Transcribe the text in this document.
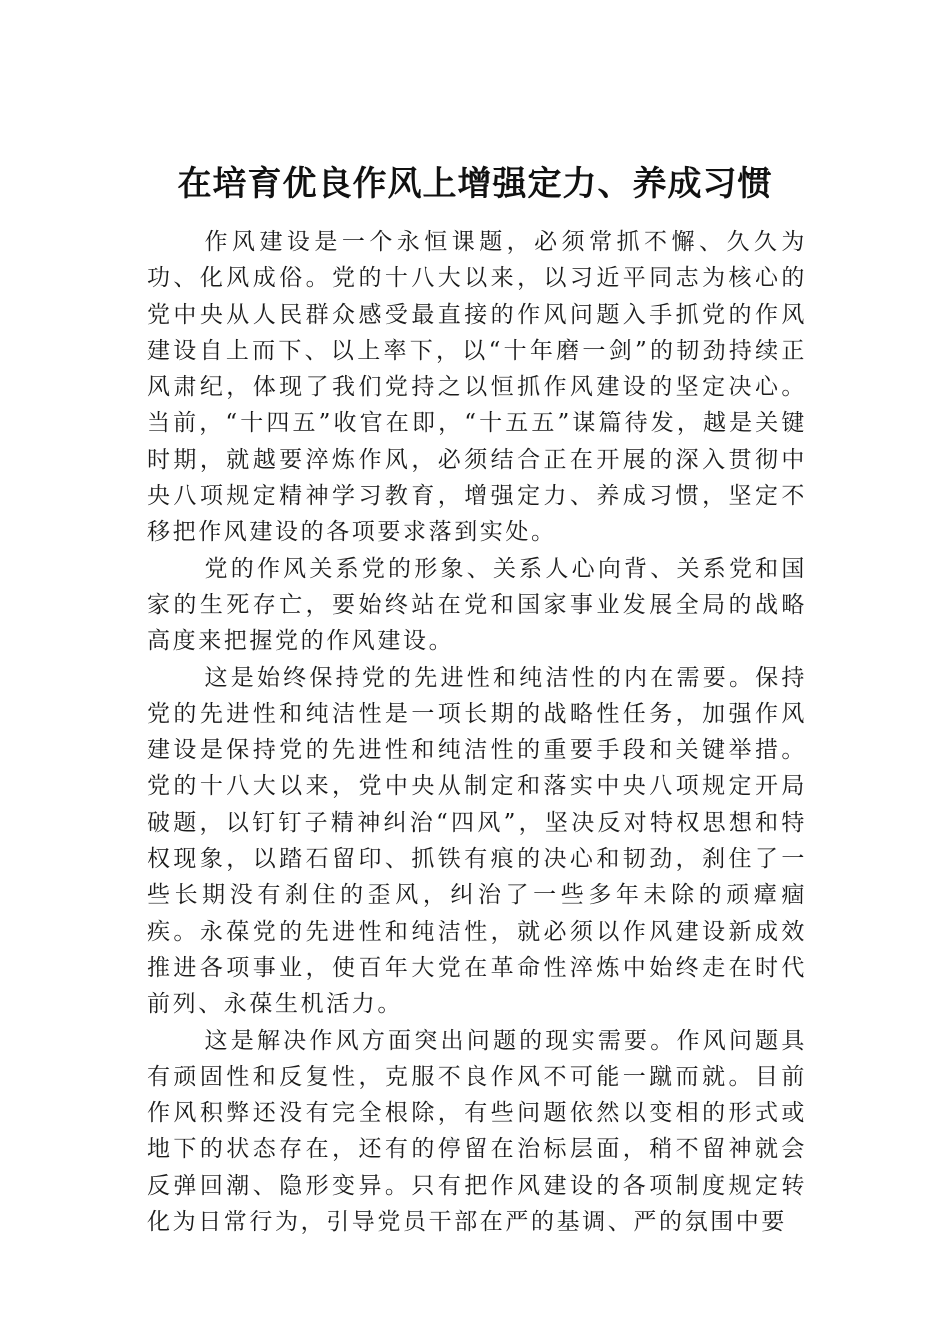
在培育优良作风上增强定力、养成习惯

作风建设是一个永恒课题，必须常抓不懈、久久为功、化风成俗。党的十八大以来，以习近平同志为核心的党中央从人民群众感受最直接的作风问题入手抓党的作风建设自上而下、以上率下，以“十年磨一剑”的韧劲持续正风肃纪，体现了我们党持之以恒抓作风建设的坚定决心。当前，“十四五”收官在即，“十五五”谋篇待发，越是关键时期，就越要淬炼作风，必须结合正在开展的深入贯彻中央八项规定精神学习教育，增强定力、养成习惯，坚定不移把作风建设的各项要求落到实处。

党的作风关系党的形象、关系人心向背、关系党和国家的生死存亡，要始终站在党和国家事业发展全局的战略高度来把握党的作风建设。

这是始终保持党的先进性和纯洁性的内在需要。保持党的先进性和纯洁性是一项长期的战略性任务，加强作风建设是保持党的先进性和纯洁性的重要手段和关键举措。党的十八大以来，党中央从制定和落实中央八项规定开局破题，以钉钉子精神纠治“四风”，坚决反对特权思想和特权现象，以踏石留印、抓铁有痕的决心和韧劲，刹住了一些长期没有刹住的歪风，纠治了一些多年未除的顽瘴痼疾。永葆党的先进性和纯洁性，就必须以作风建设新成效推进各项事业，使百年大党在革命性淬炼中始终走在时代前列、永葆生机活力。

这是解决作风方面突出问题的现实需要。作风问题具有顽固性和反复性，克服不良作风不可能一蹴而就。目前作风积弊还没有完全根除，有些问题依然以变相的形式或地下的状态存在，还有的停留在治标层面，稍不留神就会反弹回潮、隐形变异。只有把作风建设的各项制度规定转化为日常行为，引导党员干部在严的基调、严的氛围中要
